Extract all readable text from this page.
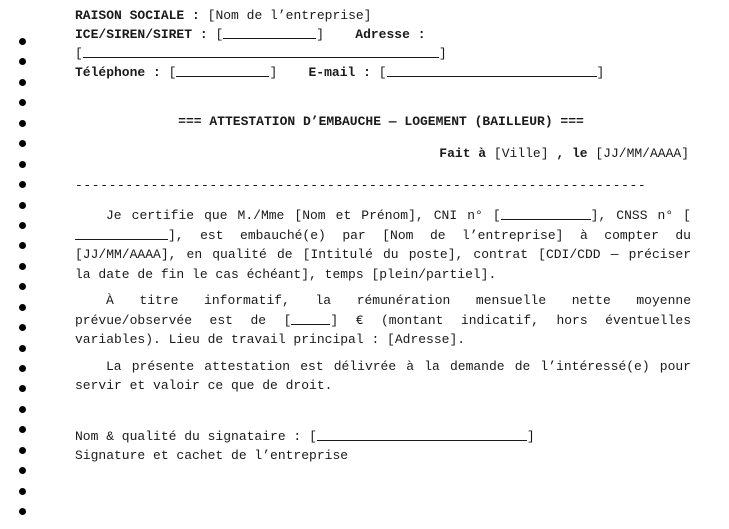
RAISON SOCIALE : [Nom de l’entreprise]
ICE/SIREN/SIRET : [	] Adresse :
[	]
Téléphone : [	] E-mail : [	]
=== ATTESTATION D’EMBAUCHE — LOGEMENT (BAILLEUR) ===
Fait à [Ville] , le [JJ/MM/AAAA]
--------------------------------------------------------------------
Je certifie que M./Mme [Nom et Prénom], CNI n° [	], CNSS n° [], est embauché(e) par [Nom de l’entreprise] à compter du [JJ/MM/AAAA], en qualité de [Intitulé du poste], contrat [CDI/CDD — préciser la date de fin le cas échéant], temps [plein/partiel].
À titre informatif, la rémunération mensuelle nette moyenne prévue/observée est de [	] € (montant indicatif, hors éventuelles variables). Lieu de travail principal : [Adresse].
La présente attestation est délivrée à la demande de l’intéressé(e) pour servir et valoir ce que de droit.
Nom & qualité du signataire : [	]
Signature et cachet de l’entreprise
